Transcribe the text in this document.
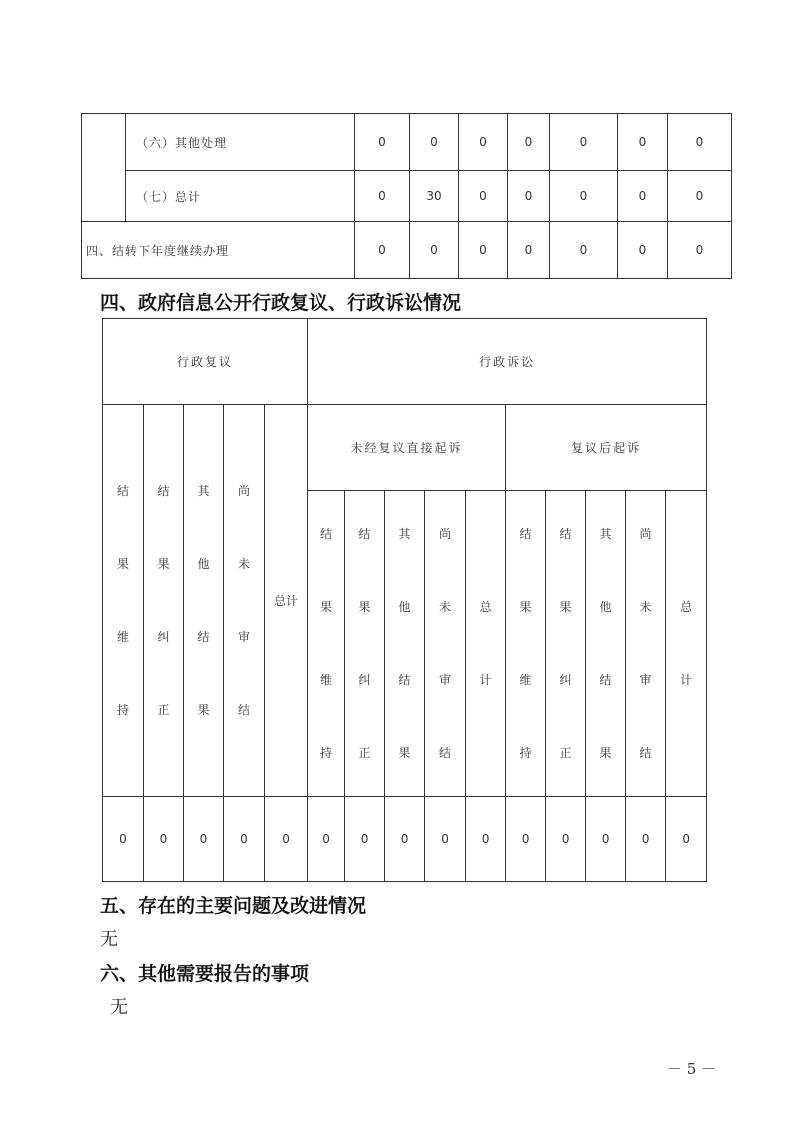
	（六）其他处理	0	0	0	0	0	0	0
	（七）总计	0	30	0	0	0	0	0
四、结转下年度继续办理		0	0	0	0	0	0	0
四、政府信息公开行政复议、行政诉讼情况
行政复议					行政诉讼									

结
果
维
持	结
果
纠
正	其
他
结
果	尚
未
审
结	总计	未经复议直接起诉					复议后起诉				

					结
果
维
持	结
果
纠
正	其
他
结
果	尚
未
审
结	总
计	结
果
维
持	结
果
纠
正	其
他
结
果	尚
未
审
结	总
计

0	0	0	0	0	0	0	0	0	0	0	0	0	0	0
五、存在的主要问题及改进情况
无
六、其他需要报告的事项
无
－ 5 －
